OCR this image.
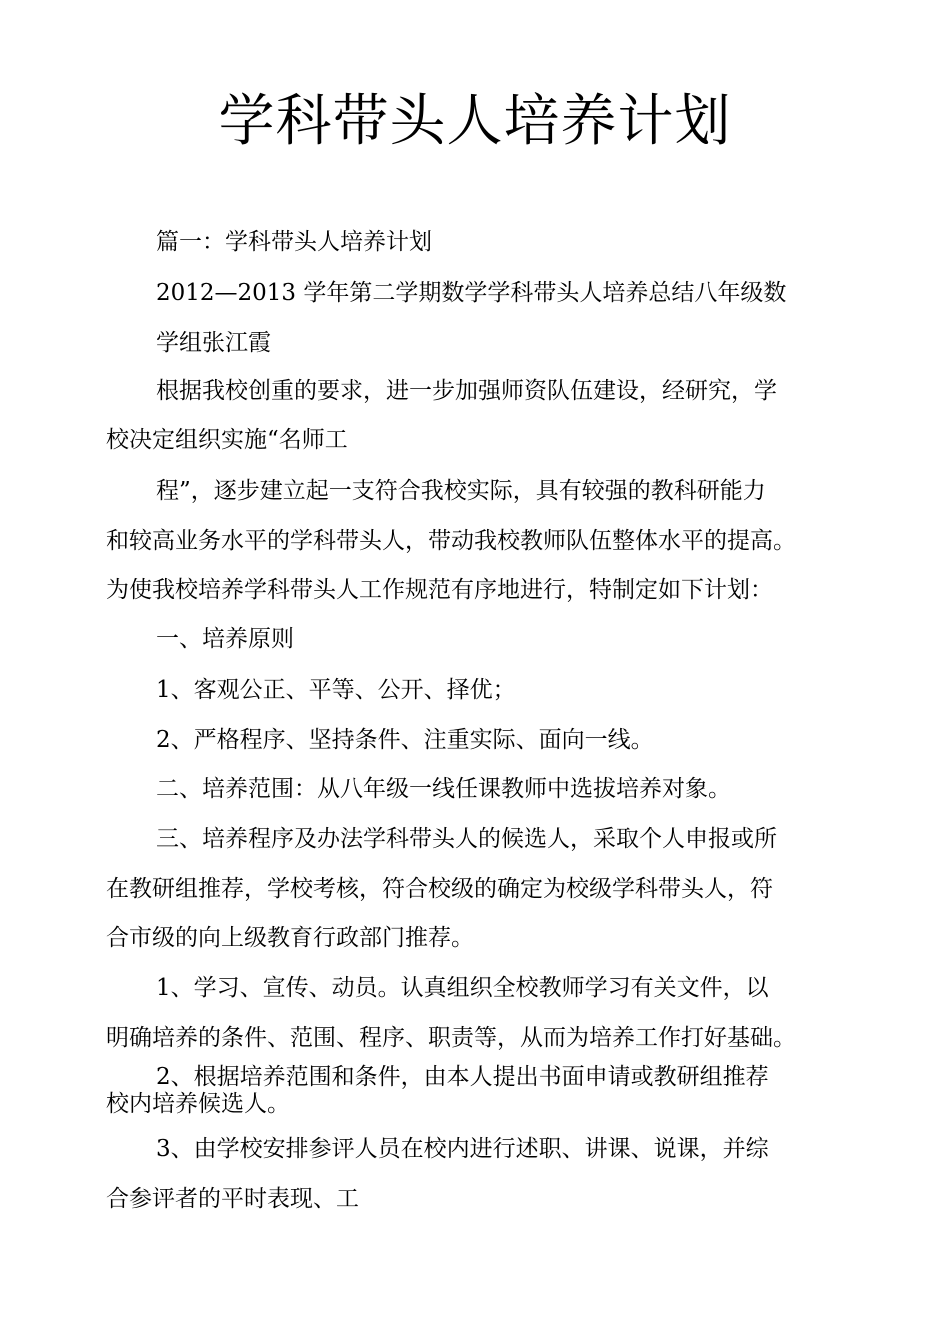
学科带头人培养计划

篇一：学科带头人培养计划

2012—2013 学年第二学期数学学科带头人培养总结八年级数

学组张江霞

根据我校创重的要求，进一步加强师资队伍建设，经研究，学

校决定组织实施“名师工

程”，逐步建立起一支符合我校实际，具有较强的教科研能力

和较高业务水平的学科带头人，带动我校教师队伍整体水平的提高。

为使我校培养学科带头人工作规范有序地进行，特制定如下计划：

一、培养原则

1、客观公正、平等、公开、择优；

2、严格程序、坚持条件、注重实际、面向一线。

二、培养范围：从八年级一线任课教师中选拔培养对象。

三、培养程序及办法学科带头人的候选人，采取个人申报或所

在教研组推荐，学校考核，符合校级的确定为校级学科带头人，符

合市级的向上级教育行政部门推荐。

1、学习、宣传、动员。认真组织全校教师学习有关文件，以

明确培养的条件、范围、程序、职责等，从而为培养工作打好基础。

2、根据培养范围和条件，由本人提出书面申请或教研组推荐

校内培养候选人。

3、由学校安排参评人员在校内进行述职、讲课、说课，并综

合参评者的平时表现、工
